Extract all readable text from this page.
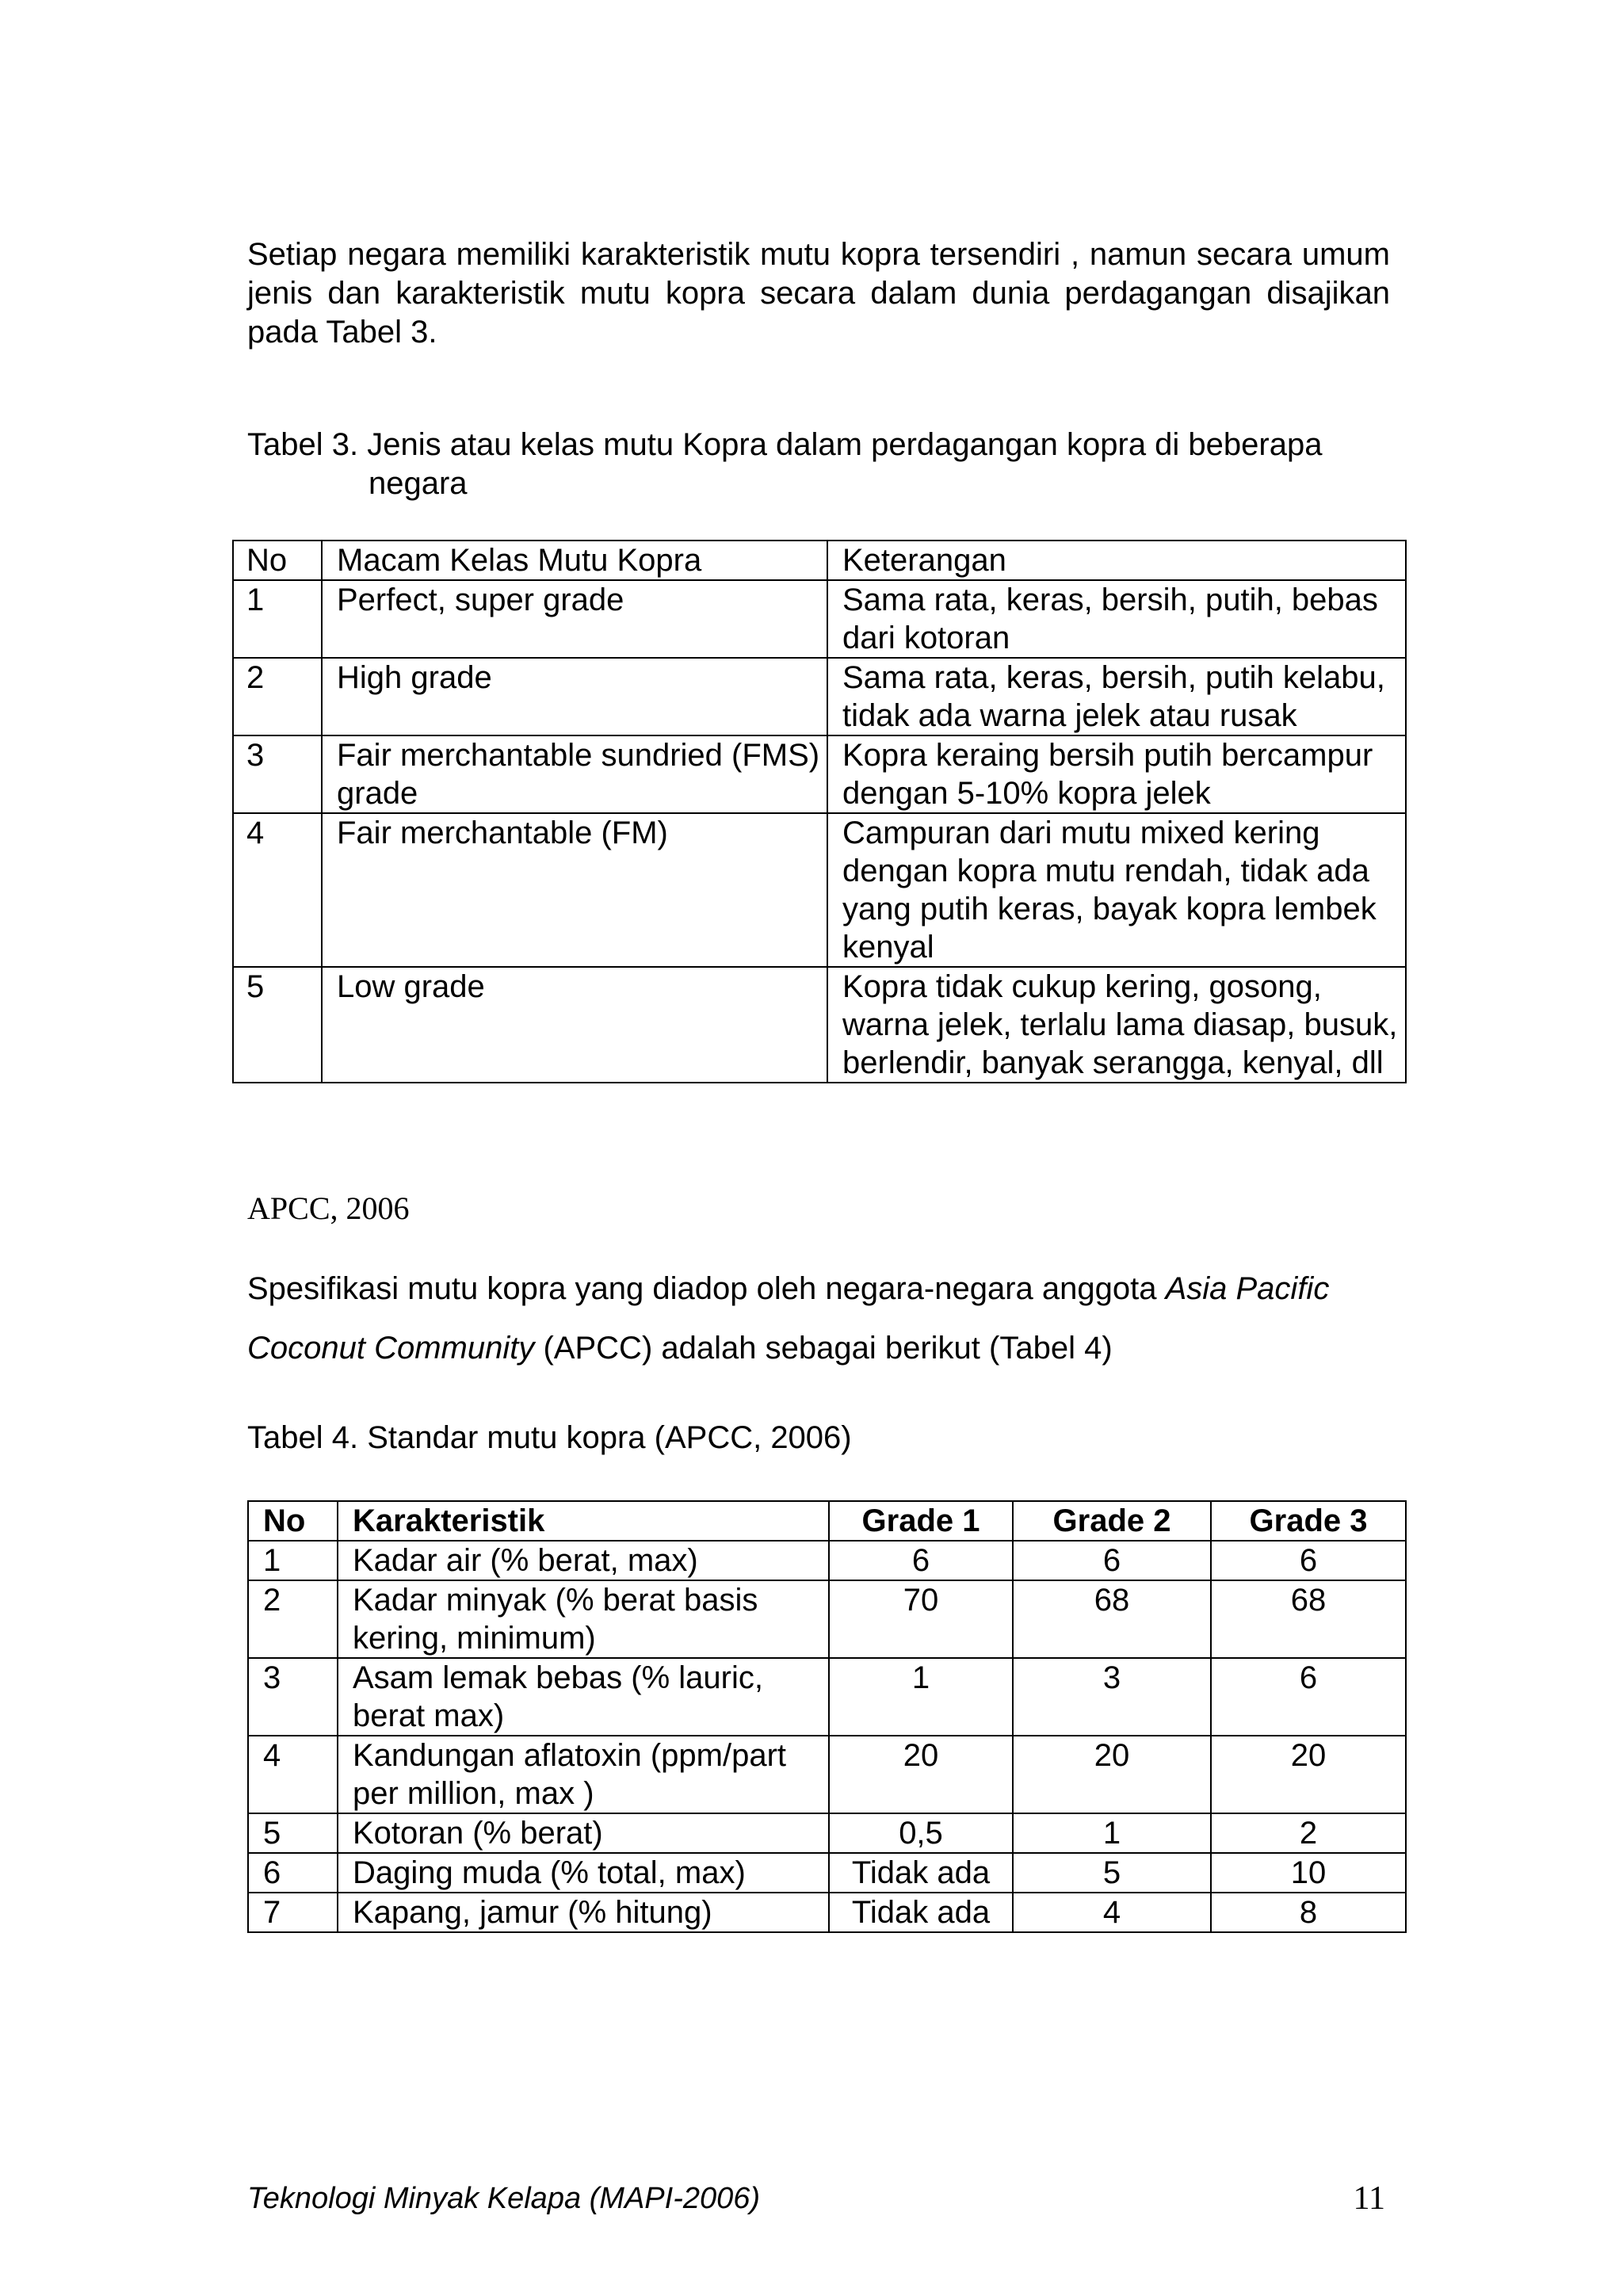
Setiap negara memiliki karakteristik mutu kopra tersendiri , namun secara umum jenis dan karakteristik mutu kopra secara dalam dunia perdagangan disajikan pada Tabel 3.
Tabel 3. Jenis atau kelas mutu Kopra dalam perdagangan kopra di beberapa
negara
No	Macam Kelas Mutu Kopra	Keterangan
1	Perfect, super grade	Sama rata, keras, bersih, putih, bebas dari kotoran
2	High grade	Sama rata, keras, bersih, putih kelabu, tidak ada warna jelek atau rusak
3	Fair merchantable sundried (FMS) grade	Kopra keraing bersih putih bercampur dengan 5-10% kopra jelek
4	Fair merchantable (FM)	Campuran dari mutu mixed kering dengan kopra mutu rendah, tidak ada yang putih keras, bayak kopra lembek kenyal
5	Low grade	Kopra tidak cukup kering, gosong, warna jelek, terlalu lama diasap, busuk, berlendir, banyak serangga, kenyal, dll
APCC, 2006
Spesifikasi mutu kopra yang diadop oleh negara-negara anggota Asia Pacific Coconut Community (APCC) adalah sebagai berikut (Tabel 4)
Tabel 4. Standar mutu kopra (APCC, 2006)
No	Karakteristik	Grade 1	Grade 2	Grade 3
1	Kadar air (% berat, max)	6	6	6
2	Kadar minyak (% berat basis kering, minimum)	70	68	68
3	Asam lemak bebas (% lauric, berat max)	1	3	6
4	Kandungan aflatoxin (ppm/part per million, max )	20	20	20
5	Kotoran (% berat)	0,5	1	2
6	Daging muda (% total, max)	Tidak ada	5	10
7	Kapang, jamur (% hitung)	Tidak ada	4	8
Teknologi Minyak Kelapa (MAPI-2006)	11
